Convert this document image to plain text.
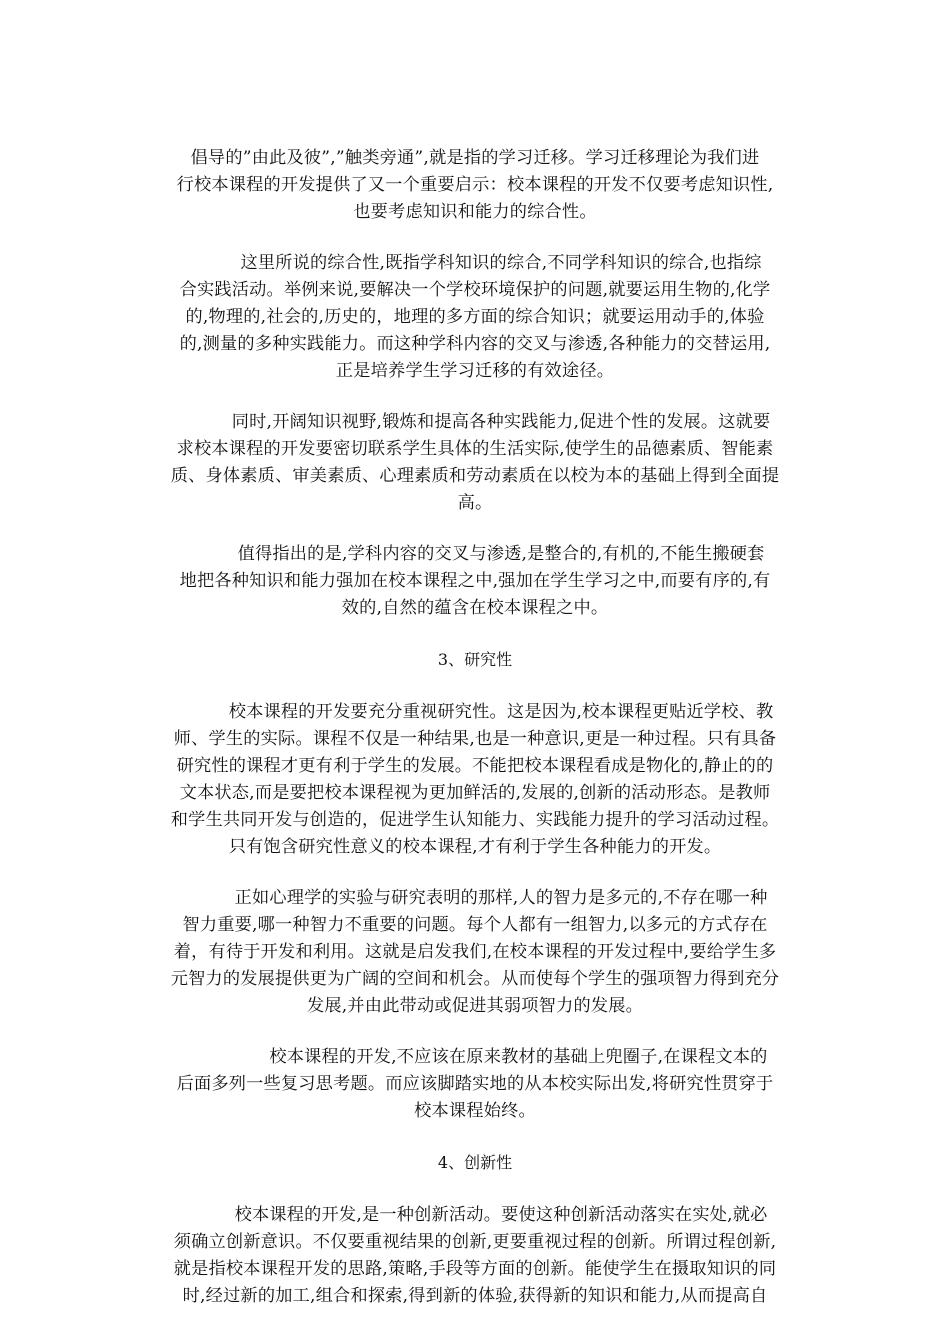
倡导的”由此及彼”,”触类旁通”,就是指的学习迁移。学习迁移理论为我们进
行校本课程的开发提供了又一个重要启示：校本课程的开发不仅要考虑知识性,
也要考虑知识和能力的综合性。

　　　这里所说的综合性,既指学科知识的综合,不同学科知识的综合,也指综
合实践活动。举例来说,要解决一个学校环境保护的问题,就要运用生物的,化学
的,物理的,社会的,历史的，地理的多方面的综合知识；就要运用动手的,体验
的,测量的多种实践能力。而这种学科内容的交叉与渗透,各种能力的交替运用,
正是培养学生学习迁移的有效途径。

　　　同时,开阔知识视野,锻炼和提高各种实践能力,促进个性的发展。这就要
求校本课程的开发要密切联系学生具体的生活实际,使学生的品德素质、智能素
质、身体素质、审美素质、心理素质和劳动素质在以校为本的基础上得到全面提
高。

　　　值得指出的是,学科内容的交叉与渗透,是整合的,有机的,不能生搬硬套
地把各种知识和能力强加在校本课程之中,强加在学生学习之中,而要有序的,有
效的,自然的蕴含在校本课程之中。

3、研究性

　　　校本课程的开发要充分重视研究性。这是因为,校本课程更贴近学校、教
师、学生的实际。课程不仅是一种结果,也是一种意识,更是一种过程。只有具备
研究性的课程才更有利于学生的发展。不能把校本课程看成是物化的,静止的的
文本状态,而是要把校本课程视为更加鲜活的,发展的,创新的活动形态。是教师
和学生共同开发与创造的，促进学生认知能力、实践能力提升的学习活动过程。
只有饱含研究性意义的校本课程,才有利于学生各种能力的开发。

　　　正如心理学的实验与研究表明的那样,人的智力是多元的,不存在哪一种
智力重要,哪一种智力不重要的问题。每个人都有一组智力,以多元的方式存在
着，有待于开发和利用。这就是启发我们,在校本课程的开发过程中,要给学生多
元智力的发展提供更为广阔的空间和机会。从而使每个学生的强项智力得到充分
发展,并由此带动或促进其弱项智力的发展。

　　　　　校本课程的开发,不应该在原来教材的基础上兜圈子,在课程文本的
后面多列一些复习思考题。而应该脚踏实地的从本校实际出发,将研究性贯穿于
校本课程始终。

4、创新性

　　　校本课程的开发,是一种创新活动。要使这种创新活动落实在实处,就必
须确立创新意识。不仅要重视结果的创新,更要重视过程的创新。所谓过程创新,
就是指校本课程开发的思路,策略,手段等方面的创新。能使学生在摄取知识的同
时,经过新的加工,组合和探索,得到新的体验,获得新的知识和能力,从而提高自
